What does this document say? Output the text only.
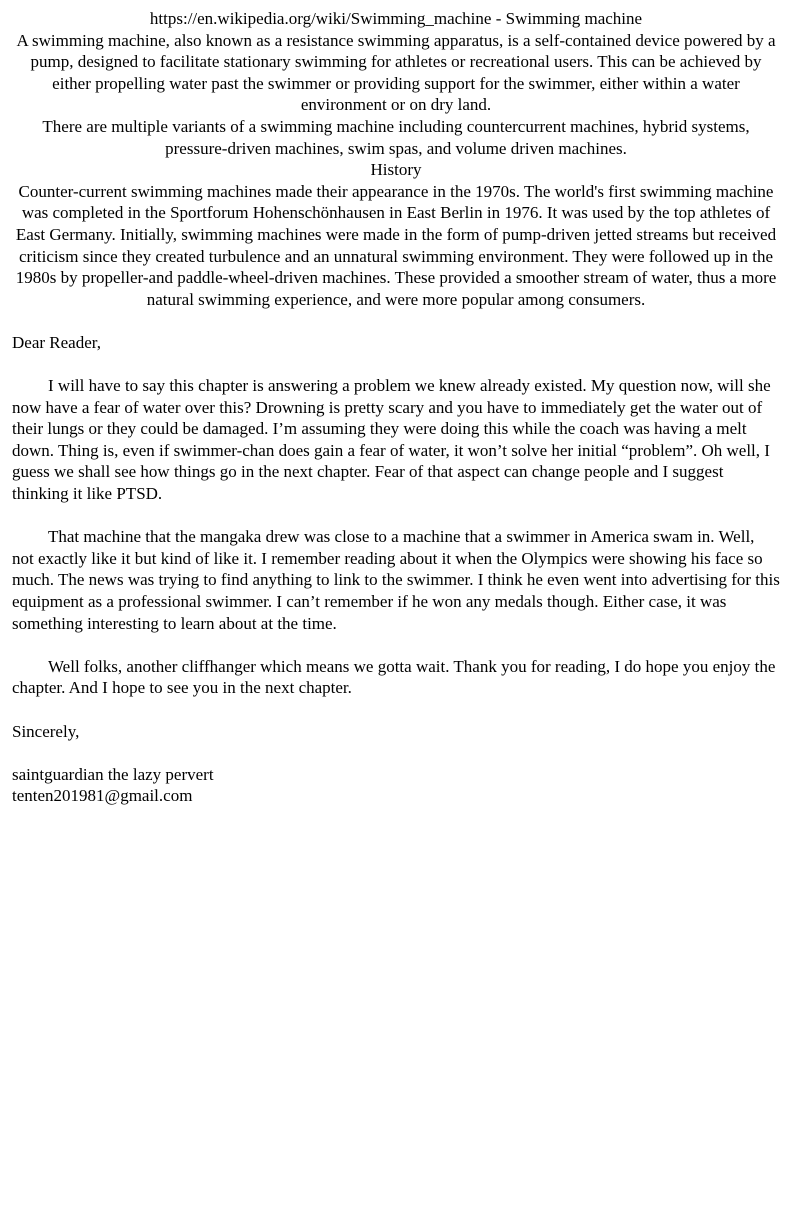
https://en.wikipedia.org/wiki/Swimming_machine - Swimming machine

A swimming machine, also known as a resistance swimming apparatus, is a self-contained device powered by a pump, designed to facilitate stationary swimming for athletes or recreational users. This can be achieved by either propelling water past the swimmer or providing support for the swimmer, either within a water environment or on dry land.

There are multiple variants of a swimming machine including countercurrent machines, hybrid systems, pressure-driven machines, swim spas, and volume driven machines.

History

Counter-current swimming machines made their appearance in the 1970s. The world's first swimming machine was completed in the Sportforum Hohenschönhausen in East Berlin in 1976. It was used by the top athletes of East Germany. Initially, swimming machines were made in the form of pump-driven jetted streams but received criticism since they created turbulence and an unnatural swimming environment. They were followed up in the 1980s by propeller-and paddle-wheel-driven machines. These provided a smoother stream of water, thus a more natural swimming experience, and were more popular among consumers.

Dear Reader,

I will have to say this chapter is answering a problem we knew already existed. My question now, will she now have a fear of water over this? Drowning is pretty scary and you have to immediately get the water out of their lungs or they could be damaged. I’m assuming they were doing this while the coach was having a melt down. Thing is, even if swimmer-chan does gain a fear of water, it won’t solve her initial “problem”. Oh well, I guess we shall see how things go in the next chapter. Fear of that aspect can change people and I suggest thinking it like PTSD.

That machine that the mangaka drew was close to a machine that a swimmer in America swam in. Well, not exactly like it but kind of like it. I remember reading about it when the Olympics were showing his face so much. The news was trying to find anything to link to the swimmer. I think he even went into advertising for this equipment as a professional swimmer. I can’t remember if he won any medals though. Either case, it was something interesting to learn about at the time.

Well folks, another cliffhanger which means we gotta wait. Thank you for reading, I do hope you enjoy the chapter. And I hope to see you in the next chapter.

Sincerely,

saintguardian the lazy pervert
tenten201981@gmail.com
